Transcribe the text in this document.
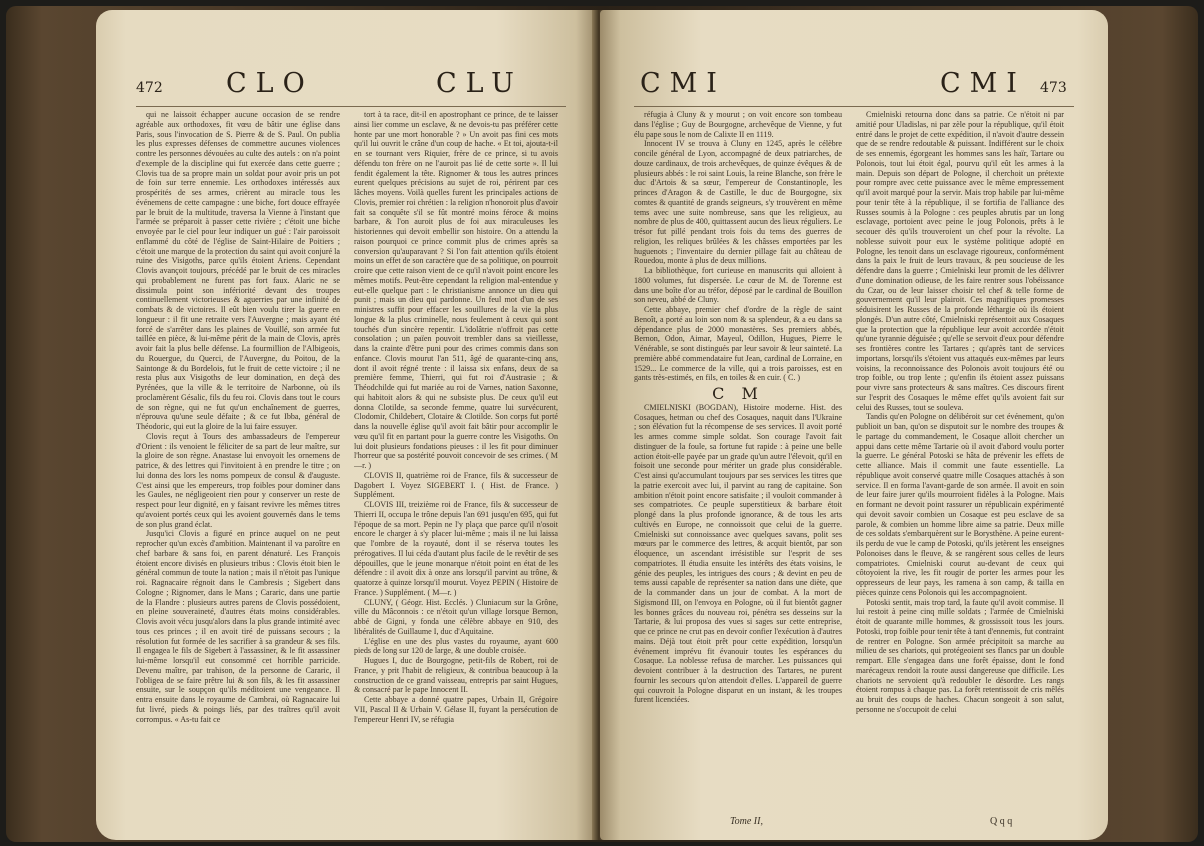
472 CLO	CLU

qui ne laissoit échapper aucune occasion de se rendre agréable aux orthodoxes, fit vœu de bâtir une église dans Paris, sous l'invocation de S. Pierre & de S. Paul. On publia les plus expresses défenses de commettre aucunes violences contre les personnes dévouées au culte des autels : on n'a point d'exemple de la discipline qui fut exercée dans cette guerre ; Clovis tua de sa propre main un soldat pour avoir pris un pot de foin sur terre ennemie. Les orthodoxes intéressés aux prospérités de ses armes, crièrent au miracle tous les événemens de cette campagne : une biche, fort douce effrayée par le bruit de la multitude, traversa la Vienne à l'instant que l'armée se préparoit à passer cette rivière ; c'étoit une biche envoyée par le ciel pour leur indiquer un gué : l'air paroissoit enflammé du côté de l'église de Saint-Hilaire de Poitiers ; c'étoit une marque de la protection du saint qui avoit conjuré la ruine des Visigoths, parce qu'ils étoient Ariens. Cependant Clovis avançoit toujours, précédé par le bruit de ces miracles qui probablement ne furent pas fort faux. Alaric ne se dissimula point son infériorité devant des troupes continuellement victorieuses & aguerries par une infinité de combats & de victoires. Il eût bien voulu tirer la guerre en longueur : il fit une retraite vers l'Auvergne ; mais ayant été forcé de s'arrêter dans les plaines de Vouillé, son armée fut taillée en pièce, & lui-même périt de la main de Clovis, après avoir fait la plus belle défense. La fourmillion de l'Albigeois, du Rouergue, du Querci, de l'Auvergne, du Poitou, de la Saintonge & du Bordelois, fut le fruit de cette victoire ; il ne resta plus aux Visigoths de leur domination, en deçà des Pyrénées, que la ville & le territoire de Narbonne, où ils proclamèrent Gésalic, fils du feu roi. Clovis dans tout le cours de son règne, qui ne fut qu'un enchaînement de guerres, n'éprouva qu'une seule défaite ; & ce fut Ibba, général de Théodoric, qui eut la gloire de la lui faire essuyer.

Clovis reçut à Tours des ambassadeurs de l'empereur d'Orient : ils venoient le féliciter de sa part de leur maître, sur la gloire de son règne. Anastase lui envoyoit les ornemens de patrice, & des lettres qui l'invitoient à en prendre le titre ; on lui donna des lors les noms pompeux de consul & d'auguste. C'est ainsi que les empereurs, trop foibles pour dominer dans les Gaules, ne négligeoient rien pour y conserver un reste de respect pour leur dignité, en y faisant revivre les mêmes titres qu'avoient portés ceux qui les avoient gouvernés dans le tems de son plus grand éclat.

Jusqu'ici Clovis a figuré en prince auquel on ne peut reprocher qu'un excès d'ambition. Maintenant il va paroître en chef barbare & sans foi, en parent dénaturé. Les François étoient encore divisés en plusieurs tribus : Clovis étoit bien le général commun de toute la nation ; mais il n'étoit pas l'unique roi. Ragnacaire régnoit dans le Cambresis ; Sigebert dans Cologne ; Rignomer, dans le Mans ; Cararic, dans une partie de la Flandre : plusieurs autres parens de Clovis possédoient, en pleine souveraineté, d'autres états moins considérables. Clovis avoit vécu jusqu'alors dans la plus grande intimité avec tous ces princes ; il en avoit tiré de puissans secours ; la résolution fut formée de les sacrifier à sa grandeur & ses fils. Il engagea le fils de Sigebert à l'assassiner, & le fit assassiner lui-même lorsqu'il eut consommé cet horrible parricide. Devenu maître, par trahison, de la personne de Cararic, il l'obligea de se faire prêtre lui & son fils, & les fit assassiner ensuite, sur le soupçon qu'ils méditoient une vengeance. Il entra ensuite dans le royaume de Cambrai, où Ragnacaire lui fut livré, pieds & poings liés, par des traîtres qu'il avoit corrompus. « As-tu fait ce

tort à ta race, dit-il en apostrophant ce prince, de te laisser ainsi lier comme un esclave, & ne devois-tu pas préférer cette honte par une mort honorable ? » Un avoit pas fini ces mots qu'il lui ouvrit le crâne d'un coup de hache. « Et toi, ajouta-t-il en se tournant vers Riquier, frère de ce prince, si tu avois défendu ton frère on ne l'auroit pas lié de cette sorte ». Il lui fendit également la tête. Rignomer & tous les autres princes eurent quelques précisions au sujet de roi, périrent par ces lâches moyens. Voilà quelles furent les principales actions de Clovis, premier roi chrétien : la religion n'honoroit plus d'avoir fait sa conquête s'il se fût montré moins féroce & moins barbare, & l'on auroit plus de foi aux miraculeuses les historiennes qui devoit embellir son histoire. On a attendu la raison pourquoi ce prince commit plus de crimes après sa conversion qu'auparavant ? Si l'on fait attention qu'ils étoient moins un effet de son caractère que de sa politique, on pourroit croire que cette raison vient de ce qu'il n'avoit point encore les mêmes motifs. Peut-être cependant la religion mal-entendue y eut-elle quelque part : le christianisme annonce un dieu qui punit ; mais un dieu qui pardonne. Un feul mot d'un de ses ministres suffit pour effacer les souillures de la vie la plus longue & la plus criminelle, nous feulement à ceux qui sont touchés d'un sincère repentir. L'idolâtrie n'offroit pas cette consolation ; un païen pouvoit trembler dans sa vieillesse, dans la crainte d'être puni pour des crimes commis dans son enfance. Clovis mourut l'an 511, âgé de quarante-cinq ans, dont il avoit régné trente : il laissa six enfans, deux de sa première femme, Thierri, qui fut roi d'Austrasie ; & Théodchilde qui fut mariée au roi de Varnes, nation Saxonne, qui habitoit alors & qui ne subsiste plus. De ceux qu'il eut donna Clotilde, sa seconde femme, quatre lui survécurent, Clodomir, Childebert, Clotaire & Clotilde. Son corps fut porté dans la nouvelle église qu'il avoit fait bâtir pour accomplir le vœu qu'il fit en partant pour la guerre contre les Visigoths. On lui doit plusieurs fondations pieuses : il les fit pour diminuer l'horreur que sa postérité pouvoit concevoir de ses crimes. ( M—r. )

CLOVIS II, quatrième roi de France, fils & successeur de Dagobert I. Voyez SIGEBERT I. ( Hist. de France. ) Supplément.

CLOVIS III, treizième roi de France, fils & successeur de Thierri II, occupa le trône depuis l'an 691 jusqu'en 695, qui fut l'époque de sa mort. Pepin ne l'y plaça que parce qu'il n'osoit encore le charger à s'y placer lui-même ; mais il ne lui laissa que l'ombre de la royauté, dont il se réserva toutes les prérogatives. Il lui céda d'autant plus facile de le revêtir de ses dépouilles, que le jeune monarque n'étoit point en état de les défendre : il avoit dix à onze ans lorsqu'il parvint au trône, & quatorze à quinze lorsqu'il mourut. Voyez PEPIN ( Histoire de France. ) Supplément. ( M—r. )

CLUNY, ( Géogr. Hist. Ecclés. ) Cluniacum sur la Grône, ville du Mâconnois : ce n'étoit qu'un village lorsque Bernon, abbé de Gigni, y fonda une célèbre abbaye en 910, des libéralités de Guillaume I, duc d'Aquitaine.

L'église en une des plus vastes du royaume, ayant 600 pieds de long sur 120 de large, & une double croisée.

Hugues I, duc de Bourgogne, petit-fils de Robert, roi de France, y prit l'habit de religieux, & contribua beaucoup à la construction de ce grand vaisseau, entrepris par saint Hugues, & consacré par le pape Innocent II.

Cette abbaye a donné quatre papes, Urbain II, Grégoire VII, Pascal II & Urbain V. Gélase II, fuyant la persécution de l'empereur Henri IV, se réfugia

CMI	CMI 473

réfugia à Cluny & y mourut ; on voit encore son tombeau dans l'église ; Guy de Bourgogne, archevêque de Vienne, y fut élu pape sous le nom de Calixte II en 1119.

Innocent IV se trouva à Cluny en 1245, après le célèbre concile général de Lyon, accompagné de deux patriarches, de douze cardinaux, de trois archevêques, de quinze évêques & de plusieurs abbés : le roi saint Louis, la reine Blanche, son frère le duc d'Artois & sa sœur, l'empereur de Constantinople, les princes d'Aragon & de Castille, le duc de Bourgogne, six comtes & quantité de grands seigneurs, s'y trouvèrent en même tems avec une suite nombreuse, sans que les religieux, au nombre de plus de 400, quittassent aucun des lieux réguliers. Le trésor fut pillé pendant trois fois du tems des guerres de religion, les reliques brûlées & les châsses emportées par les huguenots ; l'inventaire du dernier pillage fait au château de Rouedou, monte à plus de deux millions.

La bibliothèque, fort curieuse en manuscrits qui alloient à 1800 volumes, fut dispersée. Le cœur de M. de Torenne est dans une boîte d'or au tréfor, déposé par le cardinal de Bouillon son neveu, abbé de Cluny.

Cette abbaye, premier chef d'ordre de la règle de saint Benoît, a porté au loin son nom & sa splendeur, & a eu dans sa dépendance plus de 2000 monastères. Ses premiers abbés, Bernon, Odon, Aimar, Mayeul, Odillon, Hugues, Pierre le Vénérable, se sont distingués par leur savoir & leur sainteté. La première abbé commendataire fut Jean, cardinal de Lorraine, en 1529... Le commerce de la ville, qui a trois paroisses, est en gants très-estimés, en fils, en toiles & en cuir. ( C. )

C M

CMIELNISKI (BOGDAN), Histoire moderne. Hist. des Cosaques, hetman ou chef des Cosaques, naquit dans l'Ukraine ; son élévation fut la récompense de ses services. Il avoit porté les armes comme simple soldat. Son courage l'avoit fait distinguer de la foule, sa fortune fut rapide : à peine une belle action étoit-elle payée par un grade qu'un autre l'élevoit, qu'il en foisoit une seconde pour mériter un grade plus considérable. C'est ainsi qu'accumulant toujours par ses services les titres que la patrie exercoit avec lui, il parvint au rang de capitaine. Son ambition n'étoit point encore satisfaite ; il vouloit commander à ses compatriotes. Ce peuple superstitieux & barbare étoit plongé dans la plus profonde ignorance, & de tous les arts cultivés en Europe, ne connoissoit que celui de la guerre. Cmielniski sut connoissance avec quelques savans, polit ses mœurs par le commerce des lettres, & acquit bientôt, par son éloquence, un ascendant irrésistible sur l'esprit de ses compatriotes. Il étudia ensuite les intérêts des états voisins, le génie des peuples, les intrigues des cours ; & devint en peu de tems aussi capable de représenter sa nation dans une diète, que de la commander dans un jour de combat. A la mort de Sigismond III, on l'envoya en Pologne, où il fut bientôt gagner les bonnes grâces du nouveau roi, pénétra ses desseins sur la Tartarie, & lui proposa des vues si sages sur cette entreprise, que ce prince ne crut pas en devoir confier l'exécution à d'autres mains. Déjà tout étoit prêt pour cette expédition, lorsqu'un événement imprévu fit évanouir toutes les espérances du Cosaque. La noblesse refusa de marcher. Les puissances qui devoient contribuer à la destruction des Tartares, ne purent fournir les secours qu'on attendoit d'elles. L'appareil de guerre qui couvroit la Pologne disparut en un instant, & les troupes furent licenciées.

Cmielniski retourna donc dans sa patrie. Ce n'étoit ni par amitié pour Uladislas, ni par zèle pour la république, qu'il étoit entré dans le projet de cette expédition, il n'avoit d'autre dessein que de se rendre redoutable & puissant. Indifférent sur le choix de ses ennemis, égorgeant les hommes sans les haïr, Tartare ou Polonois, tout lui étoit égal, pourvu qu'il eût les armes à la main. Depuis son départ de Pologne, il cherchoit un prétexte pour rompre avec cette puissance avec le même empressement qu'il avoit marqué pour la servir. Mais trop habile par lui-même pour tenir tête à la république, il se fortifia de l'alliance des Russes soumis à la Pologne : ces peuples abrutis par un long esclavage, portoient avec peine le joug Polonois, prêts à le secouer dès qu'ils trouveroient un chef pour la révolte. La noblesse suivoit pour eux le système politique adopté en Pologne, les tenoit dans un esclavage rigoureux, conformément dans la paix le fruit de leurs travaux, & peu soucieuse de les défendre dans la guerre ; Cmielniski leur promit de les délivrer d'une domination odieuse, de les faire rentrer sous l'obéissance du Czar, ou de leur laisser choisir tel chef & telle forme de gouvernement qu'il leur plairoit. Ces magnifiques promesses séduisirent les Russes de la profonde léthargie où ils étoient plongés. D'un autre côté, Cmielniski représentoit aux Cosaques que la protection que la république leur avoit accordée n'étoit qu'une tyrannie déguisée ; qu'elle se servoit d'eux pour défendre ses frontières contre les Tartares ; qu'après tant de services importans, lorsqu'ils s'étoient vus attaqués eux-mêmes par leurs voisins, la reconnoissance des Polonois avoit toujours été ou trop foible, ou trop lente ; qu'enfin ils étoient assez puissans pour vivre sans protecteurs & sans maîtres. Ces discours firent sur l'esprit des Cosaques le même effet qu'ils avoient fait sur celui des Russes, tout se souleva.

Tandis qu'en Pologne on délibéroit sur cet événement, qu'on publioit un ban, qu'on se disputoit sur le nombre des troupes & le partage du commandement, le Cosaque alloit chercher un appui dans cette même Tartarie où il avoit d'abord voulu porter la guerre. Le général Potoski se hâta de prévenir les effets de cette alliance. Mais il commit une faute essentielle. La république avoit conservé quatre mille Cosaques attachés à son service. Il en forma l'avant-garde de son armée. Il avoit en soin de leur faire jurer qu'ils mourroient fidèles à la Pologne. Mais en formant ne devoit point rassurer un républicain expérimenté qui devoit savoir combien un Cosaque est peu esclave de sa parole, & combien un homme libre aime sa patrie. Deux mille de ces soldats s'embarquèrent sur le Borysthène. A peine eurent-ils perdu de vue le camp de Potoski, qu'ils jetèrent les enseignes Polonoises dans le fleuve, & se rangèrent sous celles de leurs compatriotes. Cmielniski courut au-devant de ceux qui côtoyoient la rive, les fit rougir de porter les armes pour les oppresseurs de leur pays, les ramena à son camp, & tailla en pièces quinze cens Polonois qui les accompagnoient.

Potoski sentit, mais trop tard, la faute qu'il avoit commise. Il lui restoit à peine cinq mille soldats ; l'armée de Cmielniski étoit de quarante mille hommes, & grossissoit tous les jours. Potoski, trop foible pour tenir tête à tant d'ennemis, fut contraint de rentrer en Pologne. Son armée précipitoit sa marche au milieu de ses chariots, qui protégeoient ses flancs par un double rempart. Elle s'engagea dans une forêt épaisse, dont le fond marécageux rendoit la route aussi dangereuse que difficile. Les chariots ne servoient qu'à redoubler le désordre. Les rangs étoient rompus à chaque pas. La forêt retentissoit de cris mêlés au bruit des coups de haches. Chacun songeoit à son salut, personne ne s'occupoit de celui

Tome II,	Q q q
